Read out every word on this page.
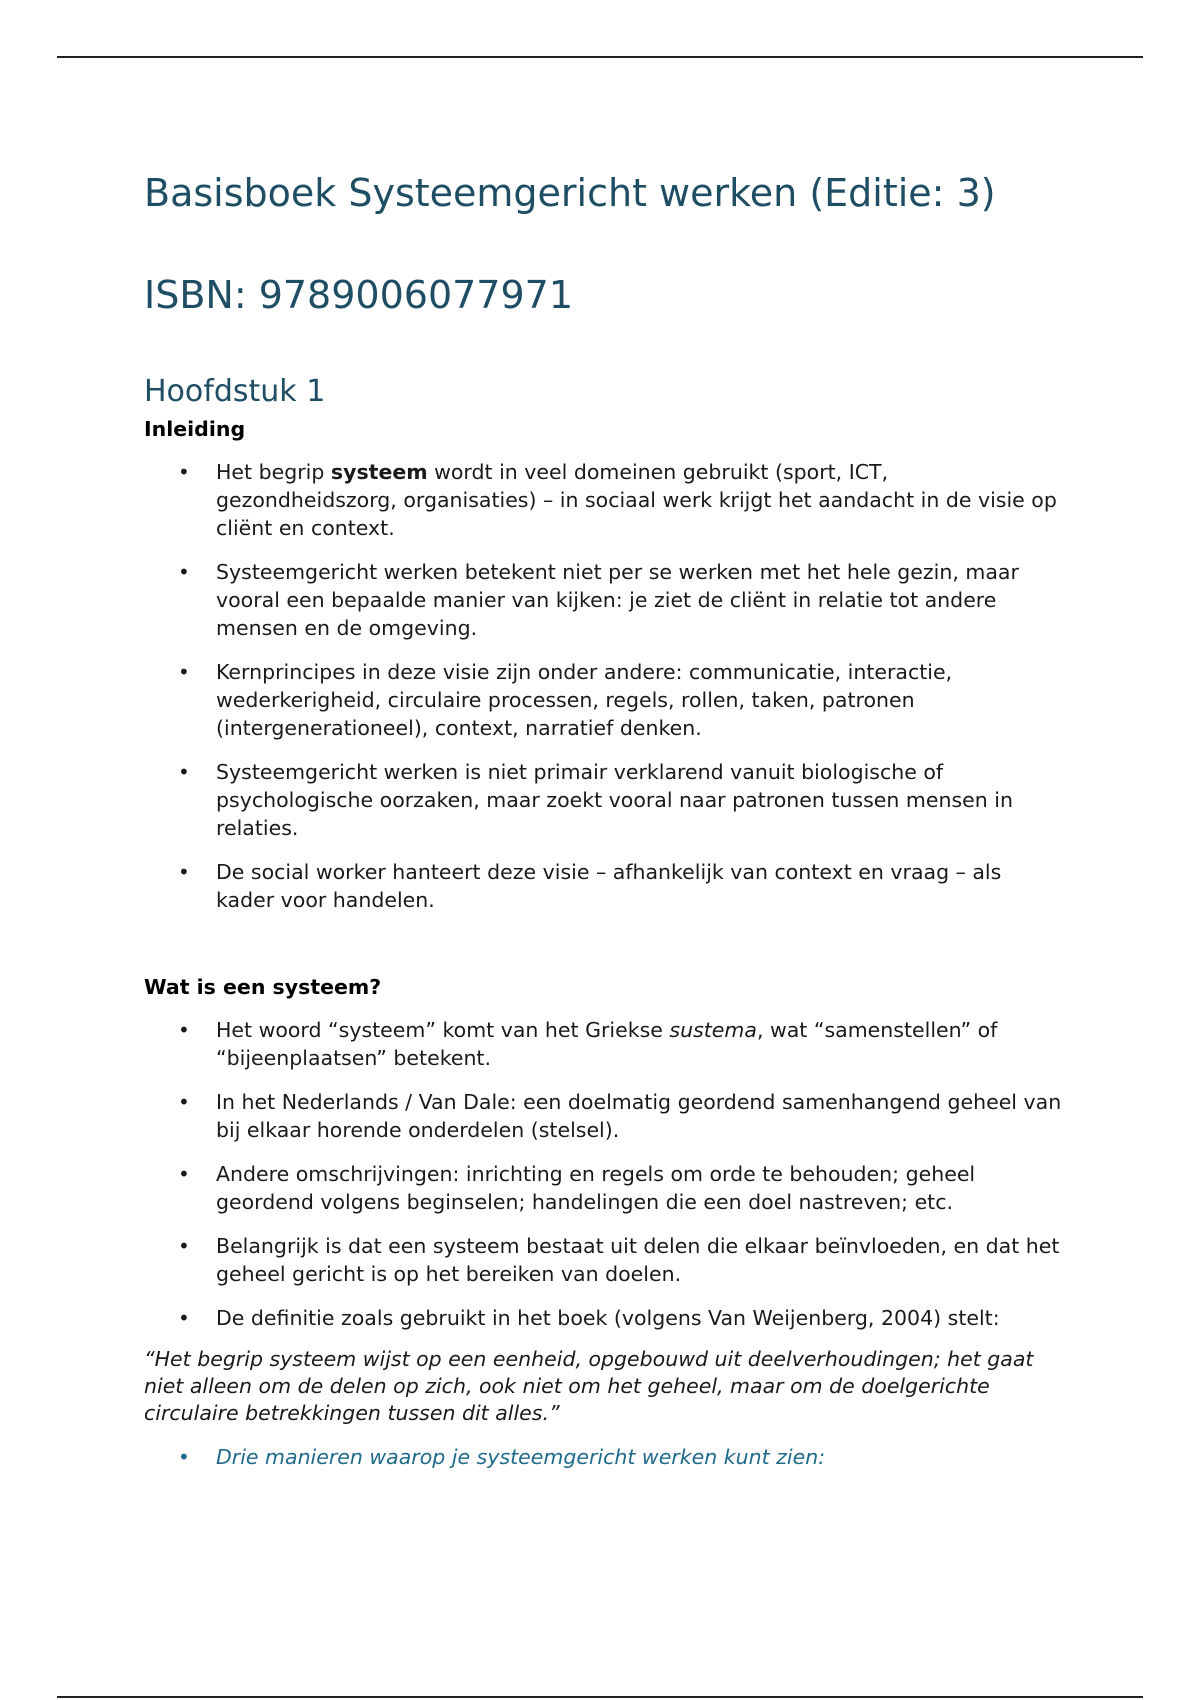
Basisboek Systeemgericht werken (Editie: 3)
ISBN: 9789006077971
Hoofdstuk 1
Inleiding
• Het begrip systeem wordt in veel domeinen gebruikt (sport, ICT, gezondheidszorg, organisaties) – in sociaal werk krijgt het aandacht in de visie op cliënt en context.
• Systeemgericht werken betekent niet per se werken met het hele gezin, maar vooral een bepaalde manier van kijken: je ziet de cliënt in relatie tot andere mensen en de omgeving.
• Kernprincipes in deze visie zijn onder andere: communicatie, interactie, wederkerigheid, circulaire processen, regels, rollen, taken, patronen (intergenerationeel), context, narratief denken.
• Systeemgericht werken is niet primair verklarend vanuit biologische of psychologische oorzaken, maar zoekt vooral naar patronen tussen mensen in relaties.
• De social worker hanteert deze visie – afhankelijk van context en vraag – als kader voor handelen.
Wat is een systeem?
• Het woord “systeem” komt van het Griekse sustema, wat “samenstellen” of “bijeenplaatsen” betekent.
• In het Nederlands / Van Dale: een doelmatig geordend samenhangend geheel van bij elkaar horende onderdelen (stelsel).
• Andere omschrijvingen: inrichting en regels om orde te behouden; geheel geordend volgens beginselen; handelingen die een doel nastreven; etc.
• Belangrijk is dat een systeem bestaat uit delen die elkaar beïnvloeden, en dat het geheel gericht is op het bereiken van doelen.
• De definitie zoals gebruikt in het boek (volgens Van Weijenberg, 2004) stelt:

“Het begrip systeem wijst op een eenheid, opgebouwd uit deelverhoudingen; het gaat niet alleen om de delen op zich, ook niet om het geheel, maar om de doelgerichte circulaire betrekkingen tussen dit alles.”

• Drie manieren waarop je systeemgericht werken kunt zien:
